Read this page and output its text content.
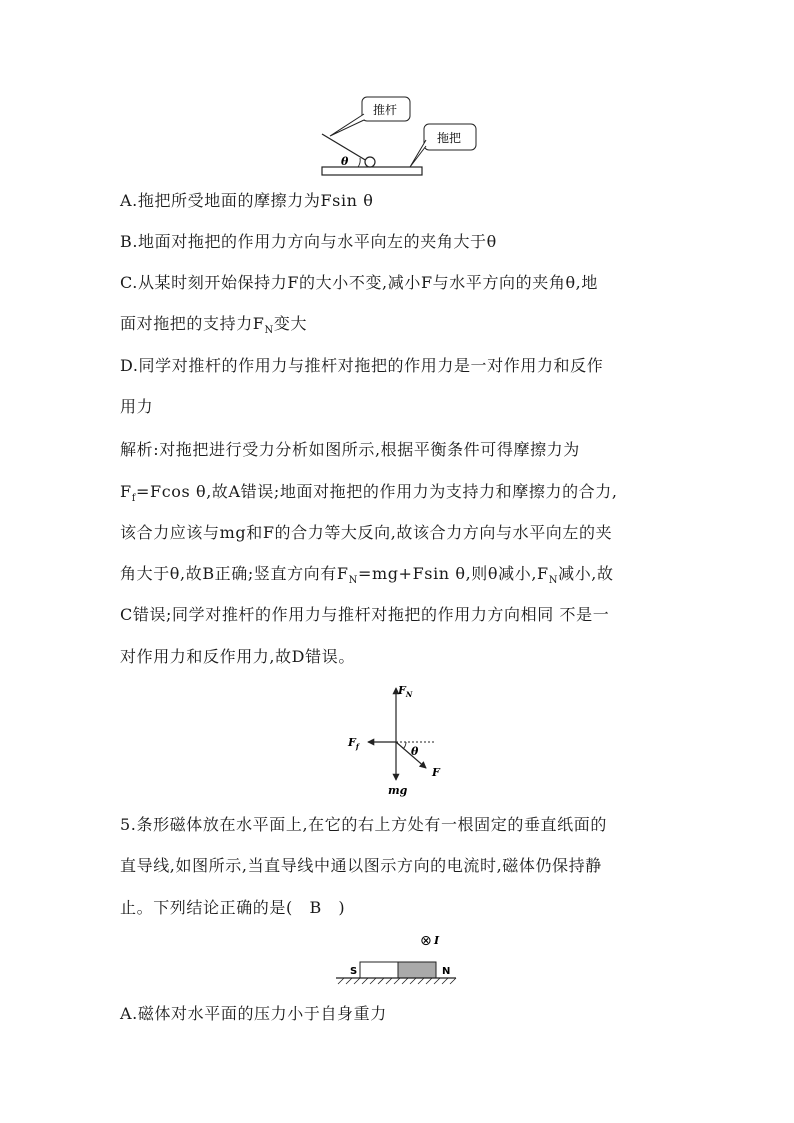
θ
推杆
拖把
A.拖把所受地面的摩擦力为Fsin θ
B.地面对拖把的作用力方向与水平向左的夹角大于θ
C.从某时刻开始保持力F的大小不变,减小F与水平方向的夹角θ,地
面对拖把的支持力$F_N$变大
D.同学对推杆的作用力与推杆对拖把的作用力是一对作用力和反作
用力
解析:对拖把进行受力分析如图所示,根据平衡条件可得摩擦力为
$F_f=Fcos$ θ,故A错误;地面对拖把的作用力为支持力和摩擦力的合力,
该合力应该与mg和F的合力等大反向,故该合力方向与水平向左的夹
角大于θ,故B正确;竖直方向有$F_N=mg+Fsin$ θ,则θ减小$,F_N$减小,故
C错误;同学对推杆的作用力与推杆对拖把的作用力方向相同 不是一
对作用力和反作用力,故D错误。
$F_N$
$F_f$	θ
F
mg
5.条形磁体放在水平面上,在它的右上方处有一根固定的垂直纸面的
直导线,如图所示,当直导线中通以图示方向的电流时,磁体仍保持静
止。下列结论正确的是(　B　)
⊗ I
S	N
A.磁体对水平面的压力小于自身重力
